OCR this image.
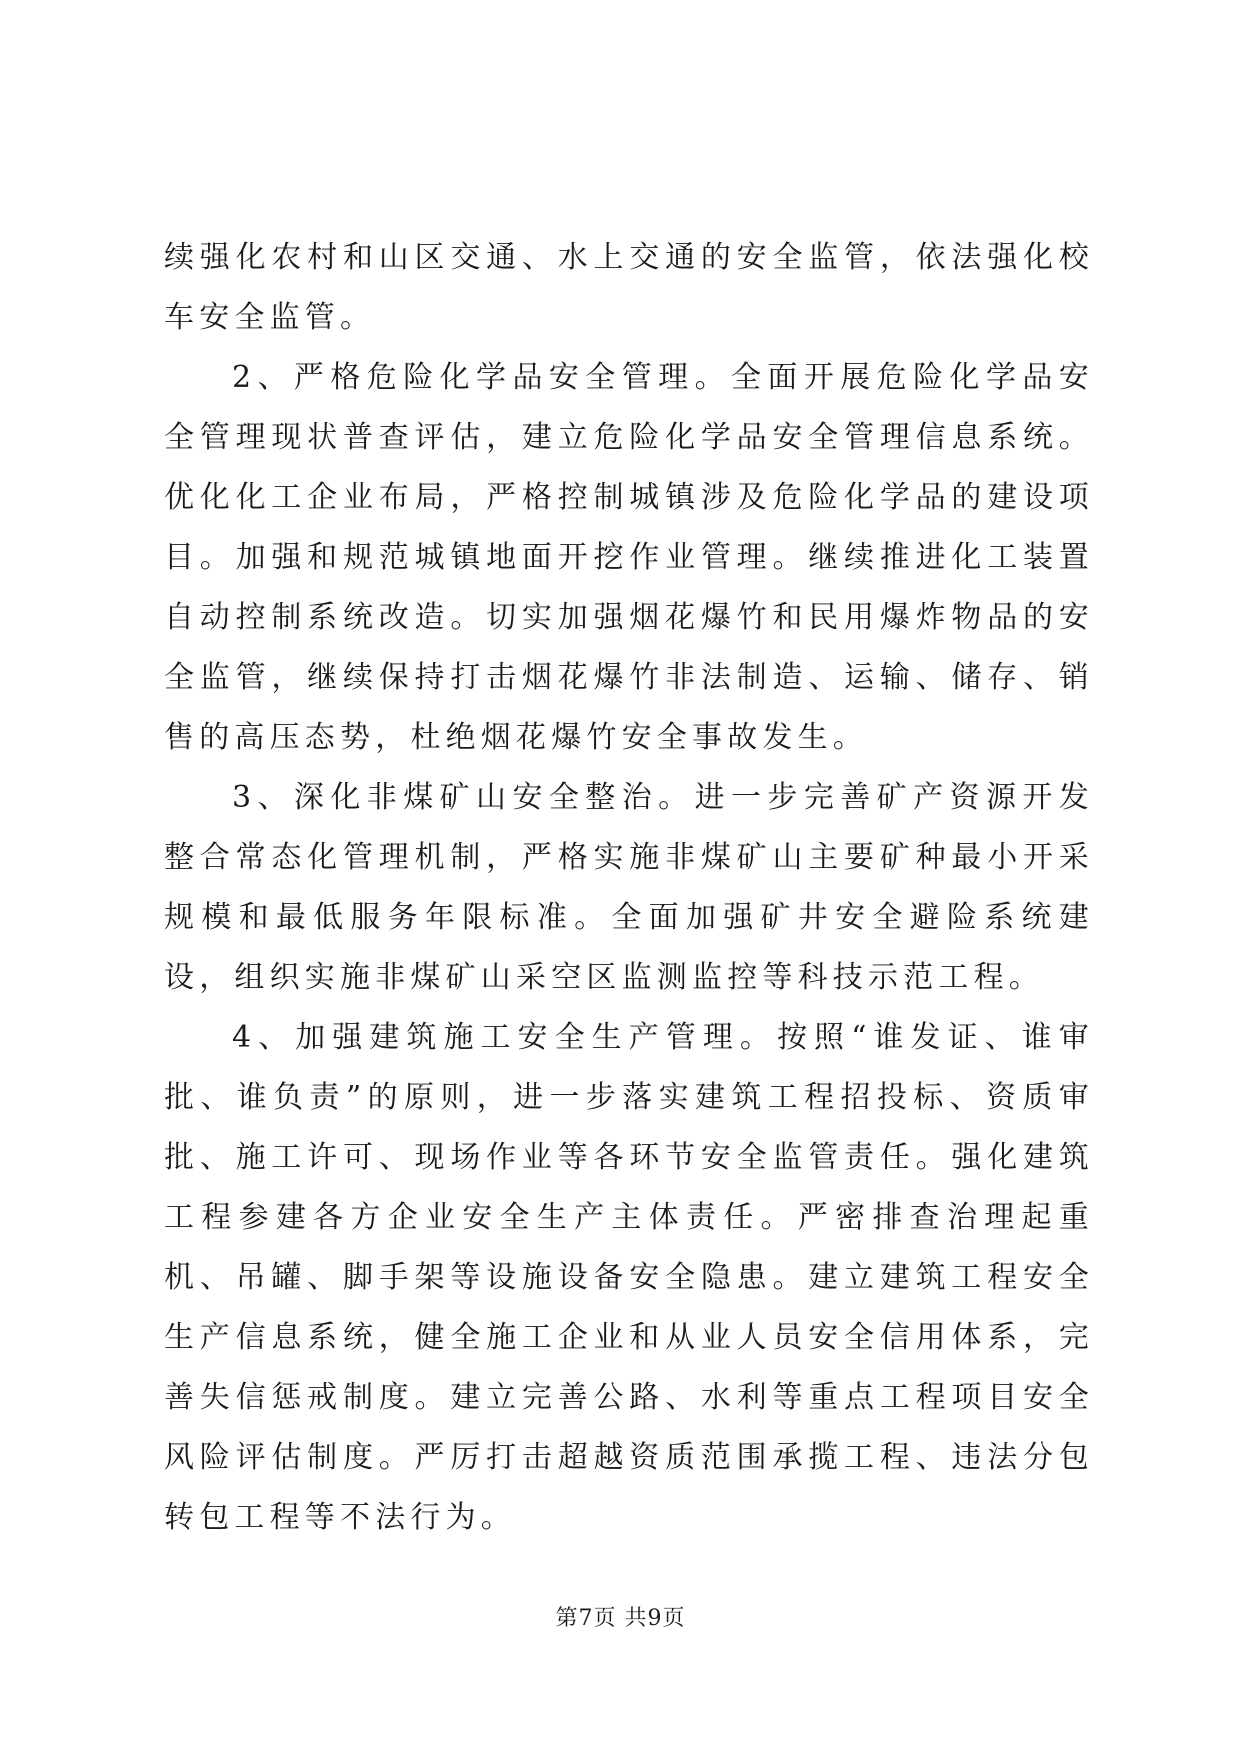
续强化农村和山区交通、水上交通的安全监管，依法强化校车安全监管。

2、严格危险化学品安全管理。全面开展危险化学品安全管理现状普查评估，建立危险化学品安全管理信息系统。优化化工企业布局，严格控制城镇涉及危险化学品的建设项目。加强和规范城镇地面开挖作业管理。继续推进化工装置自动控制系统改造。切实加强烟花爆竹和民用爆炸物品的安全监管，继续保持打击烟花爆竹非法制造、运输、储存、销售的高压态势，杜绝烟花爆竹安全事故发生。

3、深化非煤矿山安全整治。进一步完善矿产资源开发整合常态化管理机制，严格实施非煤矿山主要矿种最小开采规模和最低服务年限标准。全面加强矿井安全避险系统建设，组织实施非煤矿山采空区监测监控等科技示范工程。

4、加强建筑施工安全生产管理。按照“谁发证、谁审批、谁负责”的原则，进一步落实建筑工程招投标、资质审批、施工许可、现场作业等各环节安全监管责任。强化建筑工程参建各方企业安全生产主体责任。严密排查治理起重机、吊罐、脚手架等设施设备安全隐患。建立建筑工程安全生产信息系统，健全施工企业和从业人员安全信用体系，完善失信惩戒制度。建立完善公路、水利等重点工程项目安全风险评估制度。严厉打击超越资质范围承揽工程、违法分包转包工程等不法行为。

第7页 共9页
